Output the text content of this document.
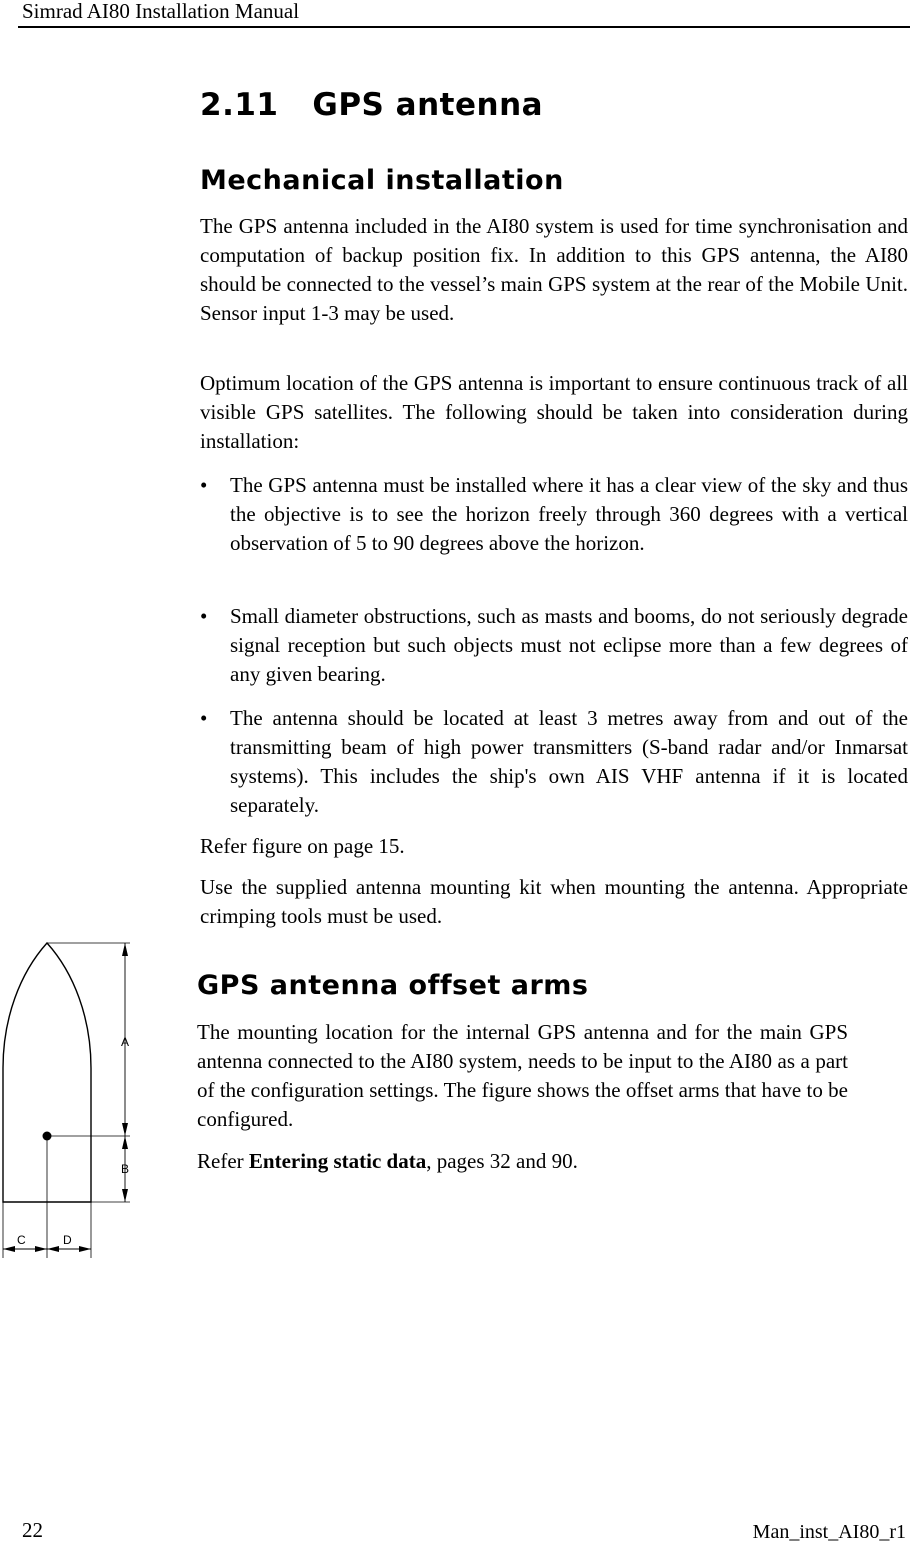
Simrad AI80 Installation Manual
2.11 GPS antenna
Mechanical installation

The GPS antenna included in the AI80 system is used for time synchronisation and computation of backup position fix. In addition to this GPS antenna, the AI80 should be connected to the vessel’s main GPS system at the rear of the Mobile Unit. Sensor input 1-3 may be used.

Optimum location of the GPS antenna is important to ensure continuous track of all visible GPS satellites. The following should be taken into consideration during installation:

• The GPS antenna must be installed where it has a clear view of the sky and thus the objective is to see the horizon freely through 360 degrees with a vertical observation of 5 to 90 degrees above the horizon.

• Small diameter obstructions, such as masts and booms, do not seriously degrade signal reception but such objects must not eclipse more than a few degrees of any given bearing.

• The antenna should be located at least 3 metres away from and out of the transmitting beam of high power transmitters (S-band radar and/or Inmarsat systems). This includes the ship's own AIS VHF antenna if it is located separately.

Refer figure on page 15.

Use the supplied antenna mounting kit when mounting the antenna. Appropriate crimping tools must be used.

GPS antenna offset arms

The mounting location for the internal GPS antenna and for the main GPS antenna connected to the AI80 system, needs to be input to the AI80 as a part of the configuration settings. The figure shows the offset arms that have to be configured.

Refer Entering static data, pages 32 and 90.

A
B
C	D
22	Man_inst_AI80_r1
